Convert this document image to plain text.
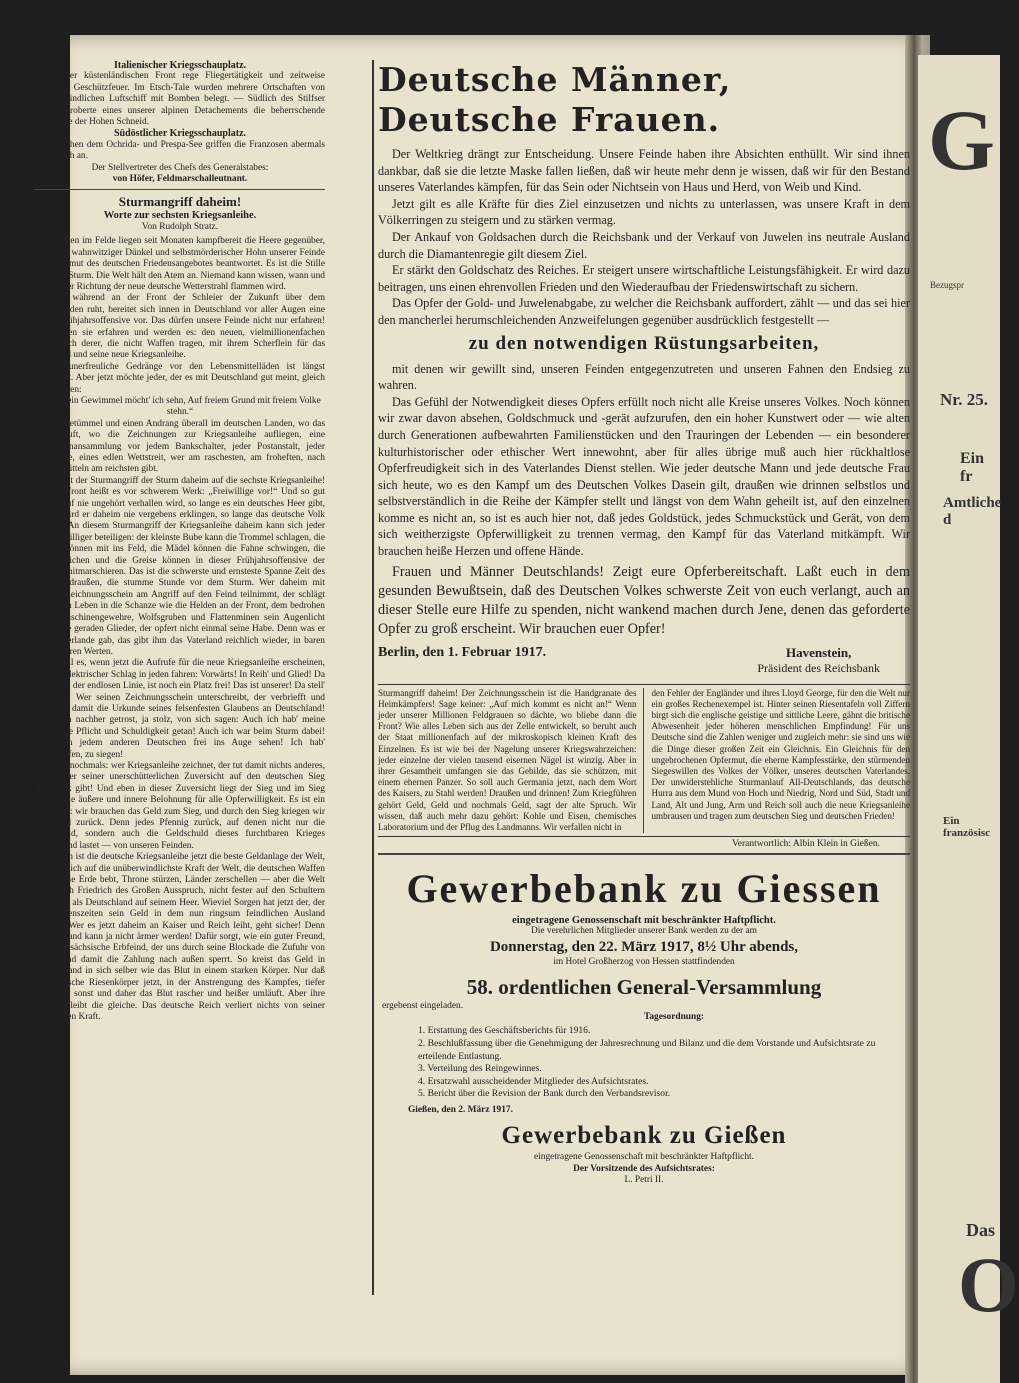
G
Bezugspr
Nr. 25.
Ein fr
Amtliche d
Ein französisc
Das
O
Italienischer Kriegsschauplatz.

An der küstenländischen Front rege Fliegertätigkeit und zeitweise lebhaftes Geschützfeuer. Im Etsch-Tale wurden mehrere Ortschaften von einem feindlichen Luftschiff mit Bomben belegt. — Südlich des Stilfser Joches eroberte eines unserer alpinen Detachements die beherrschende Felsspitze der Hohen Schneid.

Südöstlicher Kriegsschauplatz.

Zwischen dem Ochrida- und Prespa-See griffen die Franzosen abermals vergeblich an.

Der Stellvertreter des Chefs des Generalstabes:
von Höfer, Feldmarschalleutnant.
Sturmangriff daheim!
Worte zur sechsten Kriegsanleihe.
Von Rudolph Stratz.

Draußen im Felde liegen seit Monaten kampfbereit die Heere gegenüber, nachdem wahnwitziger Dünkel und selbstmörderischer Hohn unserer Feinde die Großmut des deutschen Friedensangebotes beantwortet. Es ist die Stille vor dem Sturm. Die Welt hält den Atem an. Niemand kann wissen, wann und in welcher Richtung der neue deutsche Wetterstrahl flammen wird.

Aber während an der Front der Schleier der Zukunft über dem Kommenden ruht, bereitet sich innen in Deutschland vor aller Augen eine große Frühjahrsoffensive vor. Das dürfen unsere Feinde nicht nur erfahren! Das sollen sie erfahren und werden es: den neuen, vielmillionenfachen Aufmarsch derer, die nicht Waffen tragen, mit ihrem Scherflein für das Vaterland und seine neue Kriegsanleihe.

Das unerfreuliche Gedränge vor den Lebensmittelläden ist längst abgestellt. Aber jetzt möchte jeder, der es mit Deutschland gut meint, gleich Faust sagen:

„Solch ein Gewimmel möcht' ich sehn, Auf freiem Grund mit freiem Volke stehn.“

Ein Getümmel und einen Andrang überall im deutschen Landen, wo das Reich ruft, wo die Zeichnungen zur Kriegsanleihe aufliegen, eine Menschenansammlung vor jedem Bankschalter, jeder Postanstalt, jeder Sparkasse, eines edlen Wettstreit, wer am raschesten, am froheften, nach seinen Mitteln am reichsten gibt.

Das ist der Sturmangriff der Sturm daheim auf die sechste Kriegsanleihe! An der Front heißt es vor schwerem Werk: „Freiwillige vor!“ Und so gut dieser Ruf nie ungehört verhallen wird, so lange es ein deutsches Heer gibt, so gut wird er daheim nie vergebens erklingen, so lange das deutsche Volk besteht! An diesem Sturmangriff der Kriegsanleihe daheim kann sich jeder als Freiwilliger beteiligen: der kleinste Bube kann die Trommel schlagen, die Frauen können mit ins Feld, die Mädel können die Fahne schwingen, die Gebrechlichen und die Greise können in dieser Frühjahrsoffensive der Heimat mitmarschieren. Das ist die schwerste und ernsteste Spanne Zeit des Krieges draußen, die stumme Stunde vor dem Sturm. Wer daheim mit seinem Zeichnungsschein am Angriff auf den Feind teilnimmt, der schlägt nicht sein Leben in die Schanze wie die Helden an der Front, dem bedrohen nicht Maschinengewehre, Wolfsgruben und Flattenminen sein Augenlicht und seine geraden Glieder, der opfert nicht einmal seine Habe. Denn was er dem Vaterlande gab, das gibt ihm das Vaterland reichlich wieder, in baren und höheren Werten.

So soll es, wenn jetzt die Aufrufe für die neue Kriegsanleihe erscheinen, wie ein elektrischer Schlag in jeden fahren: Vorwärts! In Reih' und Glied! Da hinten, in der endlosen Linie, ist noch ein Platz frei! Das ist unserer! Da stell' dich hin! Wer seinen Zeichnungsschein unterschreibt, der verbriefft und besiegelt damit die Urkunde seines felsenfesten Glaubens an Deutschland! Der kann nachher getrost, ja stolz, von sich sagen: Auch ich hab' meine verfluchte Pflicht und Schuldigkeit getan! Auch ich war beim Sturm dabei! Ich kann jedem anderen Deutschen frei ins Auge sehen! Ich hab' mitgeholfen, zu siegen!

Denn nochmals: wer Kriegsanleihe zeichnet, der tut damit nichts anderes, als daß er seiner unerschütterlichen Zuversicht auf den deutschen Sieg Ausdruck gibt! Und eben in dieser Zuversicht liegt der Sieg und im Sieg wieder die äußere und innere Belohnung für alle Opferwilligkeit. Es ist ein Kreislauf: wir brauchen das Geld zum Sieg, und durch den Sieg kriegen wir das Geld zurück. Denn jedes Pfennig zurück, auf denen nicht nur die Blutschuld, sondern auch die Geldschuld dieses furchtbaren Krieges erdrückend lastet — von unseren Feinden.

Darum ist die deutsche Kriegsanleihe jetzt die beste Geldanlage der Welt, weil sie sich auf die unüberwindlichste Kraft der Welt, die deutschen Waffen stützt! Die Erde bebt, Throne stürzen, Länder zerschellen — aber die Welt ruht, nach Friedrich des Großen Ausspruch, nicht fester auf den Schultern des Atlas als Deutschland auf seinem Heer. Wieviel Sorgen hat jetzt der, der in Friedenszeiten sein Geld in dem nun ringsum feindlichen Ausland anlegte! Wer es jetzt daheim an Kaiser und Reich leiht, geht sicher! Denn Deutschland kann ja nicht ärmer werden! Dafür sorgt, wie ein guter Freund, der angelsächsische Erbfeind, der uns durch seine Blockade die Zufuhr von außen und damit die Zahlung nach außen sperrt. So kreist das Geld in Deutschland in sich selber wie das Blut in einem starken Körper. Nur daß der deutsche Riesenkörper jetzt, in der Anstrengung des Kampfes, tiefer atmet als sonst und daher das Blut rascher und heißer umläuft. Aber ihre Menge bleibt die gleiche. Das deutsche Reich verliert nichts von seiner lebendigen Kraft.

Deutsche Männer, Deutsche Frauen.

Der Weltkrieg drängt zur Entscheidung. Unsere Feinde haben ihre Absichten enthüllt. Wir sind ihnen dankbar, daß sie die letzte Maske fallen ließen, daß wir heute mehr denn je wissen, daß wir für den Bestand unseres Vaterlandes kämpfen, für das Sein oder Nichtsein von Haus und Herd, von Weib und Kind.

Jetzt gilt es alle Kräfte für dies Ziel einzusetzen und nichts zu unterlassen, was unsere Kraft in dem Völkerringen zu steigern und zu stärken vermag.

Der Ankauf von Goldsachen durch die Reichsbank und der Verkauf von Juwelen ins neutrale Ausland durch die Diamantenregie gilt diesem Ziel.

Er stärkt den Goldschatz des Reiches. Er steigert unsere wirtschaftliche Leistungsfähigkeit. Er wird dazu beitragen, uns einen ehrenvollen Frieden und den Wiederaufbau der Friedenswirtschaft zu sichern.

Das Opfer der Gold- und Juwelenabgabe, zu welcher die Reichsbank auffordert, zählt — und das sei hier den mancherlei herumschleichenden Anzweifelungen gegenüber ausdrücklich festgestellt —

zu den notwendigen Rüstungsarbeiten,

mit denen wir gewillt sind, unseren Feinden entgegenzutreten und unseren Fahnen den Endsieg zu wahren.

Das Gefühl der Notwendigkeit dieses Opfers erfüllt noch nicht alle Kreise unseres Volkes. Noch können wir zwar davon absehen, Goldschmuck und -gerät aufzurufen, den ein hoher Kunstwert oder — wie alten durch Generationen aufbewahrten Familienstücken und den Trauringen der Lebenden — ein besonderer kulturhistorischer oder ethischer Wert innewohnt, aber für alles übrige muß auch hier rückhaltlose Opferfreudigkeit sich in des Vaterlandes Dienst stellen. Wie jeder deutsche Mann und jede deutsche Frau sich heute, wo es den Kampf um des Deutschen Volkes Dasein gilt, draußen wie drinnen selbstlos und selbstverständlich in die Reihe der Kämpfer stellt und längst von dem Wahn geheilt ist, auf den einzelnen komme es nicht an, so ist es auch hier not, daß jedes Goldstück, jedes Schmuckstück und Gerät, von dem sich weitherzigste Opferwilligkeit zu trennen vermag, den Kampf für das Vaterland mitkämpft. Wir brauchen heiße Herzen und offene Hände.

Frauen und Männer Deutschlands! Zeigt eure Opferbereitschaft. Laßt euch in dem gesunden Bewußtsein, daß des Deutschen Volkes schwerste Zeit von euch verlangt, auch an dieser Stelle eure Hilfe zu spenden, nicht wankend machen durch Jene, denen das geforderte Opfer zu groß erscheint. Wir brauchen euer Opfer!

Berlin, den 1. Februar 1917.	Havenstein,
Präsident des Reichsbank
Sturmangriff daheim! Der Zeichnungsschein ist die Handgranate des Heimkämpfers! Sage keiner: „Auf mich kommt es nicht an!“ Wenn jeder unserer Millionen Feldgrauen so dächte, wo bliebe dann die Front? Wie alles Leben sich aus der Zelle entwickelt, so beruht auch der Staat millionenfach auf der mikroskopisch kleinen Kraft des Einzelnen. Es ist wie bei der Nagelung unserer Kriegswahrzeichen: jeder einzelne der vielen tausend eisernen Nägel ist winzig. Aber in ihrer Gesamtheit umfangen sie das Gebilde, das sie schützen, mit einem ehernen Panzer. So soll auch Germania jetzt, nach dem Wort des Kaisers, zu Stahl werden! Draußen und drinnen! Zum Kriegführen gehört Geld, Geld und nochmals Geld, sagt der alte Spruch. Wir wissen, daß auch mehr dazu gehört: Kohle und Eisen, chemisches Laboratorium und der Pflug des Landmanns. Wir verfallen nicht in
den Fehler der Engländer und ihres Lloyd George, für den die Welt nur ein großes Rechenexempel ist. Hinter seinen Riesentafeln voll Ziffern birgt sich die englische geistige und sittliche Leere, gähnt die britische Abwesenheit jeder höheren menschlichen Empfindung! Für uns Deutsche sind die Zahlen weniger und zugleich mehr: sie sind uns wie die Dinge dieser großen Zeit ein Gleichnis. Ein Gleichnis für den ungebrochenen Opfermut, die eherne Kampfesstärke, den stürmenden Siegeswillen des Volkes der Völker, unseres deutschen Vaterlandes. Der unwiderstehliche Sturmanlauf All-Deutschlands, das deutsche Hurra aus dem Mund von Hoch und Niedrig, Nord und Süd, Stadt und Land, Alt und Jung, Arm und Reich soll auch die neue Kriegsanleihe umbrausen und tragen zum deutschen Sieg und deutschen Frieden!
Verantwortlich: Albin Klein in Gießen.
Gewerbebank zu Giessen
eingetragene Genossenschaft mit beschränkter Haftpflicht.
Die verehrlichen Mitglieder unserer Bank werden zu der am
Donnerstag, den 22. März 1917, 8½ Uhr abends,
im Hotel Großherzog von Hessen stattfindenden
58. ordentlichen General-Versammlung
ergebenst eingeladen.
Tagesordnung:
1. Erstattung des Geschäftsberichts für 1916.
2. Beschlußfassung über die Genehmigung der Jahresrechnung und Bilanz und die dem Vorstande und Aufsichtsrate zu erteilende Entlastung.
3. Verteilung des Reingewinnes.
4. Ersatzwahl ausscheidender Mitglieder des Aufsichtsrates.
5. Bericht über die Revision der Bank durch den Verbandsrevisor.
Gießen, den 2. März 1917.
Gewerbebank zu Gießen
eingetragene Genossenschaft mit beschränkter Haftpflicht.
Der Vorsitzende des Aufsichtsrates:
L. Petri II.
